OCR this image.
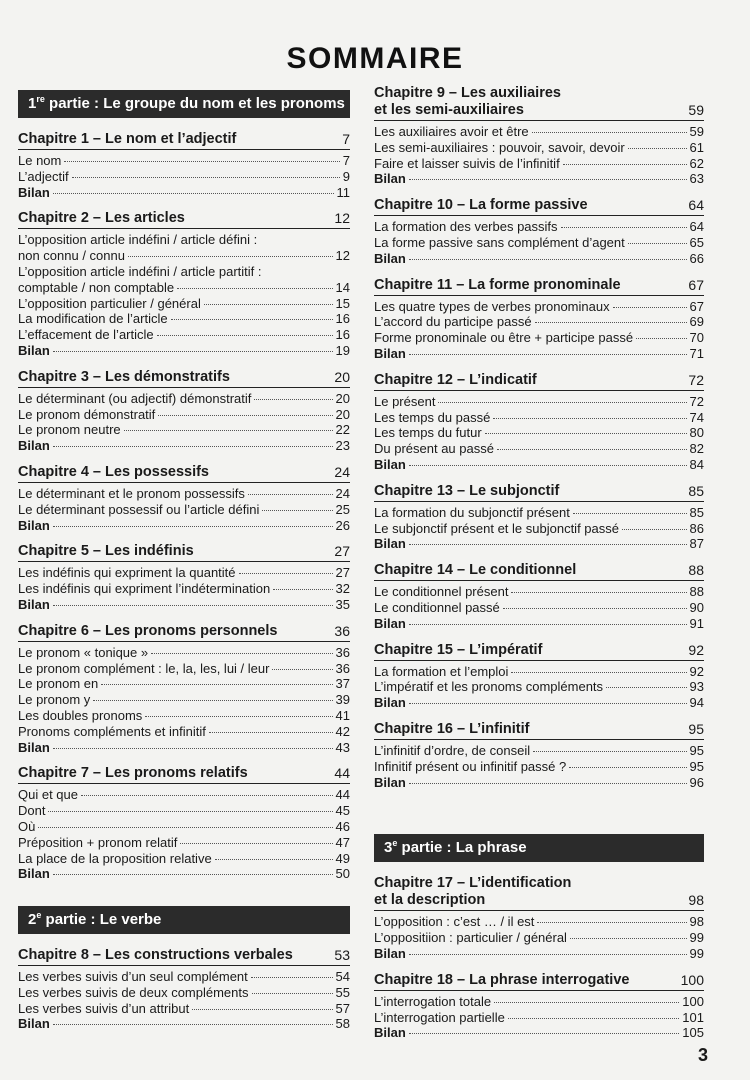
SOMMAIRE
1re partie : Le groupe du nom et les pronoms
Chapitre 1 – Le nom et l’adjectif	7
Le nom	7
L’adjectif	9
Bilan	11
Chapitre 2 – Les articles	12
L’opposition article indéfini / article défini :
non connu / connu	12
L’opposition article indéfini / article partitif :
comptable / non comptable	14
L’opposition particulier / général	15
La modification de l’article	16
L’effacement de l’article	16
Bilan	19
Chapitre 3 – Les démonstratifs	20
Le déterminant (ou adjectif) démonstratif	20
Le pronom démonstratif	20
Le pronom neutre	22
Bilan	23
Chapitre 4 – Les possessifs	24
Le déterminant et le pronom possessifs	24
Le déterminant possessif ou l’article défini	25
Bilan	26
Chapitre 5 – Les indéfinis	27
Les indéfinis qui expriment la quantité	27
Les indéfinis qui expriment l’indétermination	32
Bilan	35
Chapitre 6 – Les pronoms personnels	36
Le pronom « tonique »	36
Le pronom complément : le, la, les, lui / leur	36
Le pronom en	37
Le pronom y	39
Les doubles pronoms	41
Pronoms compléments et infinitif	42
Bilan	43
Chapitre 7 – Les pronoms relatifs	44
Qui et que	44
Dont	45
Où	46
Préposition + pronom relatif	47
La place de la proposition relative	49
Bilan	50
2e partie : Le verbe
Chapitre 8 – Les constructions verbales	53
Les verbes suivis d’un seul complément	54
Les verbes suivis de deux compléments	55
Les verbes suivis d’un attribut	57
Bilan	58
Chapitre 9 – Les auxiliaires
et les semi-auxiliaires	59
Les auxiliaires avoir et être	59
Les semi-auxiliaires : pouvoir, savoir, devoir	61
Faire et laisser suivis de l’infinitif	62
Bilan	63
Chapitre 10 – La forme passive	64
La formation des verbes passifs	64
La forme passive sans complément d’agent	65
Bilan	66
Chapitre 11 – La forme pronominale	67
Les quatre types de verbes pronominaux	67
L’accord du participe passé	69
Forme pronominale ou être + participe passé	70
Bilan	71
Chapitre 12 – L’indicatif	72
Le présent	72
Les temps du passé	74
Les temps du futur	80
Du présent au passé	82
Bilan	84
Chapitre 13 – Le subjonctif	85
La formation du subjonctif présent	85
Le subjonctif présent et le subjonctif passé	86
Bilan	87
Chapitre 14 – Le conditionnel	88
Le conditionnel présent	88
Le conditionnel passé	90
Bilan	91
Chapitre 15 – L’impératif	92
La formation et l’emploi	92
L’impératif et les pronoms compléments	93
Bilan	94
Chapitre 16 – L’infinitif	95
L’infinitif d’ordre, de conseil	95
Infinitif présent ou infinitif passé ?	95
Bilan	96
3e partie : La phrase
Chapitre 17 – L’identification
et la description	98
L’opposition : c’est … / il est	98
L’oppositiion : particulier / général	99
Bilan	99
Chapitre 18 – La phrase interrogative	100
L’interrogation totale	100
L’interrogation partielle	101
Bilan	105
3
